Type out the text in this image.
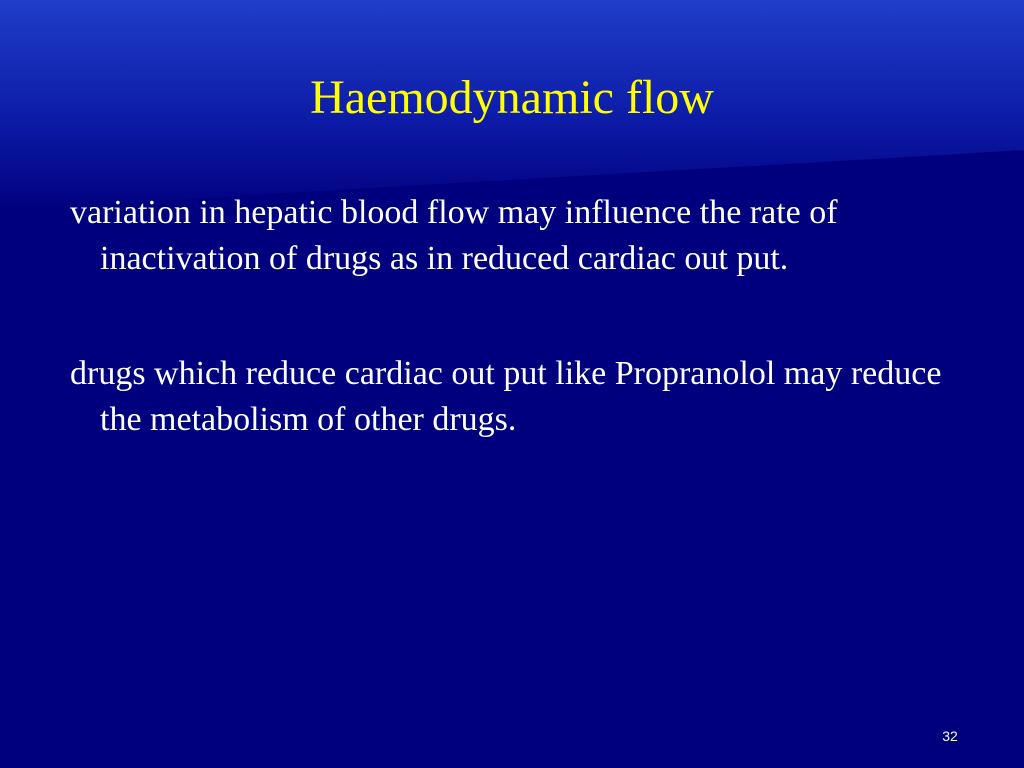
Haemodynamic flow
variation in hepatic blood flow may influence the rate of inactivation of drugs as in reduced cardiac out put.
drugs which reduce cardiac out put like Propranolol may reduce the metabolism of other drugs.
32
